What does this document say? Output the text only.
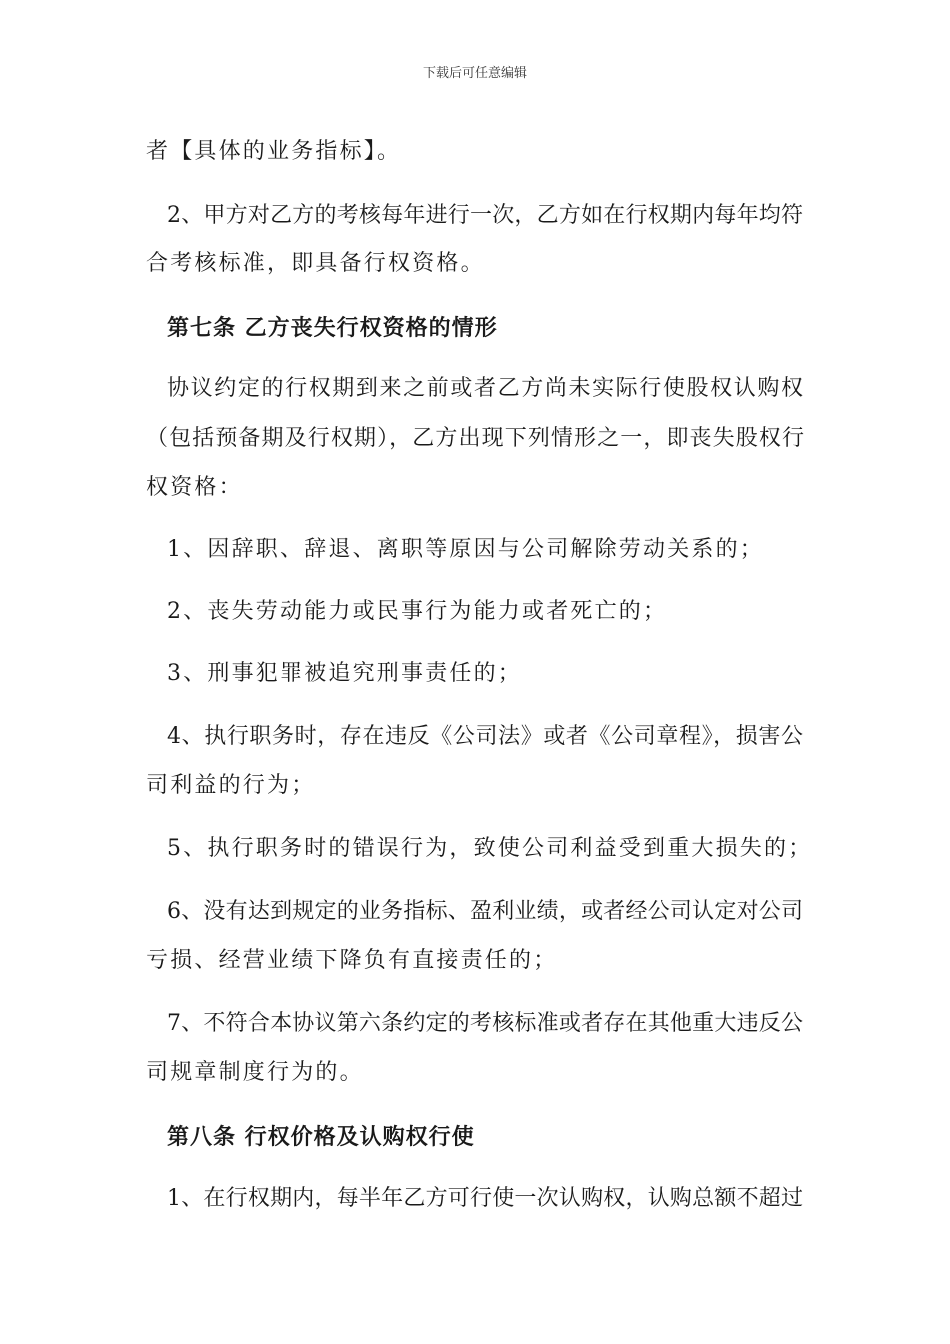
下载后可任意编辑
者【具体的业务指标】。
2、甲方对乙方的考核每年进行一次，乙方如在行权期内每年均符
合考核标准，即具备行权资格。
第七条 乙方丧失行权资格的情形
协议约定的行权期到来之前或者乙方尚未实际行使股权认购权
（包括预备期及行权期），乙方出现下列情形之一，即丧失股权行
权资格：
1、因辞职、辞退、离职等原因与公司解除劳动关系的；
2、丧失劳动能力或民事行为能力或者死亡的；
3、刑事犯罪被追究刑事责任的；
4、执行职务时，存在违反《公司法》或者《公司章程》，损害公
司利益的行为；
5、执行职务时的错误行为，致使公司利益受到重大损失的；
6、没有达到规定的业务指标、盈利业绩，或者经公司认定对公司
亏损、经营业绩下降负有直接责任的；
7、不符合本协议第六条约定的考核标准或者存在其他重大违反公
司规章制度行为的。
第八条 行权价格及认购权行使
1、在行权期内，每半年乙方可行使一次认购权，认购总额不超过
